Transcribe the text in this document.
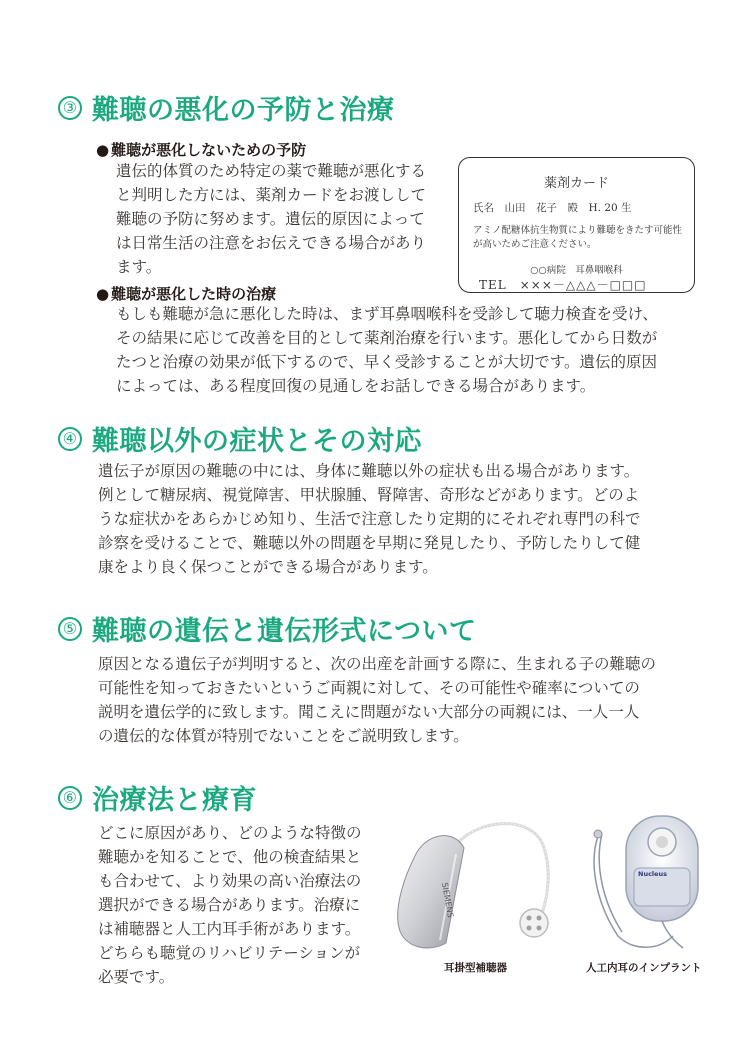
③ 難聴の悪化の予防と治療
● 難聴が悪化しないための予防
遺伝的体質のため特定の薬で難聴が悪化する
と判明した方には、薬剤カードをお渡しして
難聴の予防に努めます。遺伝的原因によって
は日常生活の注意をお伝えできる場合があり
ます。
薬剤カード
氏名　山田　花子　殿　H. 20 生
アミノ配糖体抗生物質により難聴をきたす可能性が高いためご注意ください。
○○病院　耳鼻咽喉科
TEL　×××－△△△－□□□
● 難聴が悪化した時の治療
もしも難聴が急に悪化した時は、まず耳鼻咽喉科を受診して聴力検査を受け、
その結果に応じて改善を目的として薬剤治療を行います。悪化してから日数が
たつと治療の効果が低下するので、早く受診することが大切です。遺伝的原因
によっては、ある程度回復の見通しをお話しできる場合があります。
④ 難聴以外の症状とその対応
遺伝子が原因の難聴の中には、身体に難聴以外の症状も出る場合があります。
例として糖尿病、視覚障害、甲状腺腫、腎障害、奇形などがあります。どのよ
うな症状かをあらかじめ知り、生活で注意したり定期的にそれぞれ専門の科で
診察を受けることで、難聴以外の問題を早期に発見したり、予防したりして健
康をより良く保つことができる場合があります。
⑤ 難聴の遺伝と遺伝形式について
原因となる遺伝子が判明すると、次の出産を計画する際に、生まれる子の難聴の
可能性を知っておきたいというご両親に対して、その可能性や確率についての
説明を遺伝学的に致します。聞こえに問題がない大部分の両親には、一人一人
の遺伝的な体質が特別でないことをご説明致します。
⑥ 治療法と療育
どこに原因があり、どのような特徴の
難聴かを知ることで、他の検査結果と
も合わせて、より効果の高い治療法の
選択ができる場合があります。治療に
は補聴器と人工内耳手術があります。
どちらも聴覚のリハビリテーションが
必要です。
SIEMENS
Nucleus
耳掛型補聴器	人工内耳のインプラント
